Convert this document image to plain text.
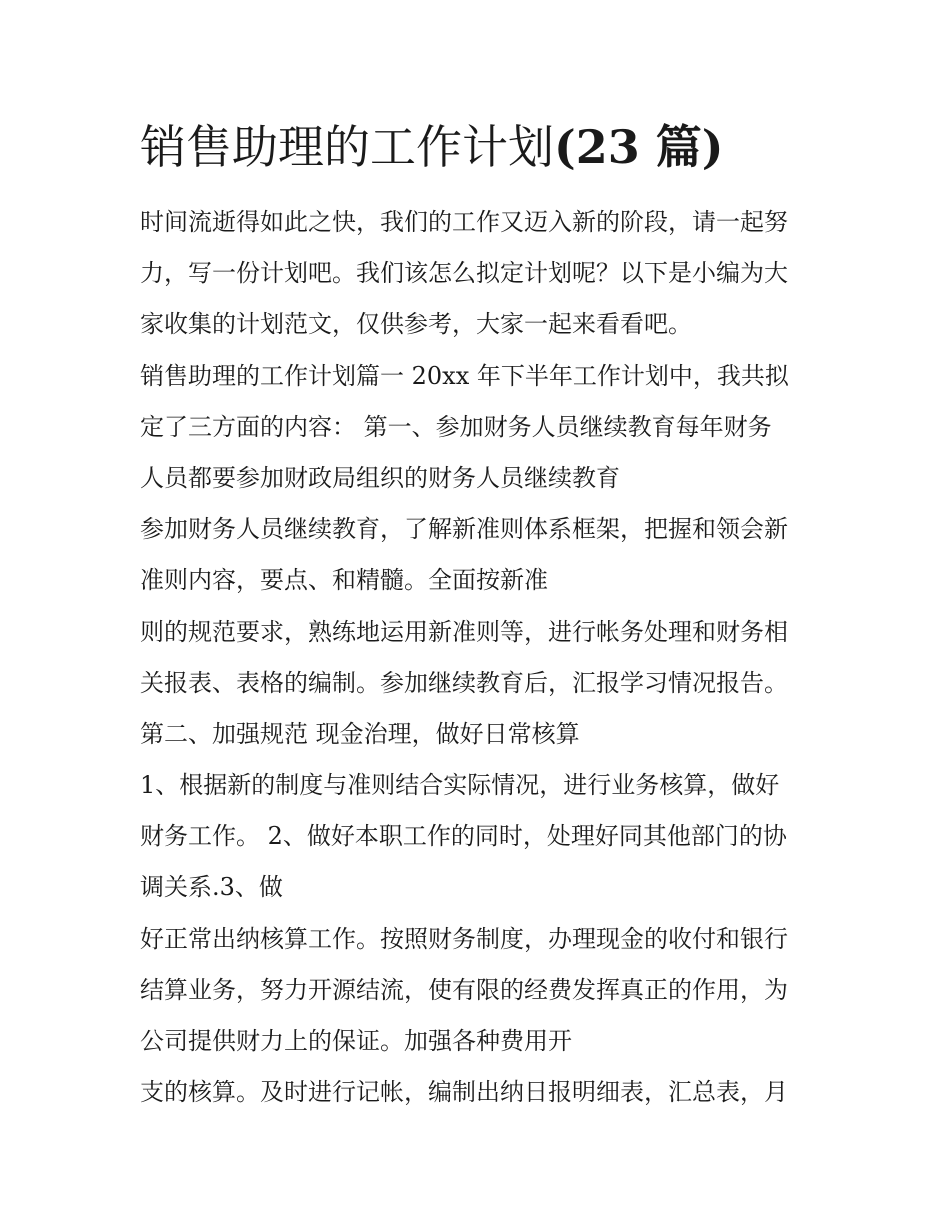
销售助理的工作计划(23 篇)
时间流逝得如此之快，我们的工作又迈入新的阶段，请一起努
力，写一份计划吧。我们该怎么拟定计划呢？以下是小编为大
家收集的计划范文，仅供参考，大家一起来看看吧。
销售助理的工作计划篇一 20xx 年下半年工作计划中，我共拟
定了三方面的内容： 第一、参加财务人员继续教育每年财务
人员都要参加财政局组织的财务人员继续教育
参加财务人员继续教育，了解新准则体系框架，把握和领会新
准则内容，要点、和精髓。全面按新准
则的规范要求，熟练地运用新准则等，进行帐务处理和财务相
关报表、表格的编制。参加继续教育后，汇报学习情况报告。
第二、加强规范 现金治理，做好日常核算
1、根据新的制度与准则结合实际情况，进行业务核算，做好
财务工作。 2、做好本职工作的同时，处理好同其他部门的协
调关系.3、做
好正常出纳核算工作。按照财务制度，办理现金的收付和银行
结算业务，努力开源结流，使有限的经费发挥真正的作用，为
公司提供财力上的保证。加强各种费用开
支的核算。及时进行记帐，编制出纳日报明细表，汇总表，月
